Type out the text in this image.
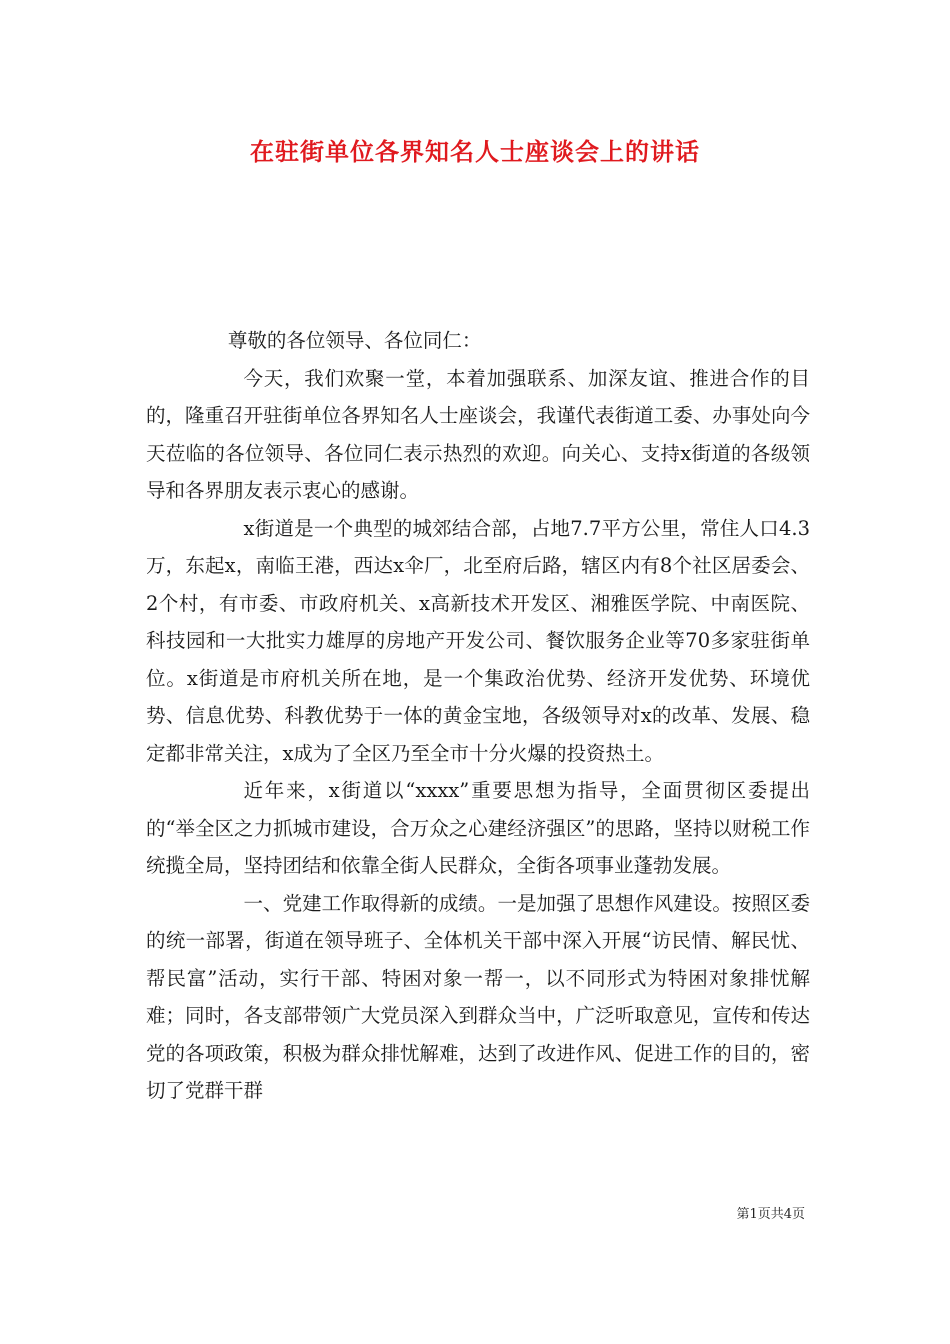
在驻街单位各界知名人士座谈会上的讲话

尊敬的各位领导、各位同仁：

今天，我们欢聚一堂，本着加强联系、加深友谊、推进合作的目的，隆重召开驻街单位各界知名人士座谈会，我谨代表街道工委、办事处向今天莅临的各位领导、各位同仁表示热烈的欢迎。向关心、支持x街道的各级领导和各界朋友表示衷心的感谢。

x街道是一个典型的城郊结合部，占地7.7平方公里，常住人口4.3万，东起x，南临王港，西达x伞厂，北至府后路，辖区内有8个社区居委会、2个村，有市委、市政府机关、x高新技术开发区、湘雅医学院、中南医院、科技园和一大批实力雄厚的房地产开发公司、餐饮服务企业等70多家驻街单位。x街道是市府机关所在地，是一个集政治优势、经济开发优势、环境优势、信息优势、科教优势于一体的黄金宝地，各级领导对x的改革、发展、稳定都非常关注，x成为了全区乃至全市十分火爆的投资热土。

近年来，x街道以“xxxx”重要思想为指导，全面贯彻区委提出的“举全区之力抓城市建设，合万众之心建经济强区”的思路，坚持以财税工作统揽全局，坚持团结和依靠全街人民群众，全街各项事业蓬勃发展。

一、党建工作取得新的成绩。一是加强了思想作风建设。按照区委的统一部署，街道在领导班子、全体机关干部中深入开展“访民情、解民忧、帮民富”活动，实行干部、特困对象一帮一，以不同形式为特困对象排忧解难；同时，各支部带领广大党员深入到群众当中，广泛听取意见，宣传和传达党的各项政策，积极为群众排忧解难，达到了改进作风、促进工作的目的，密切了党群干群

第1页共4页
